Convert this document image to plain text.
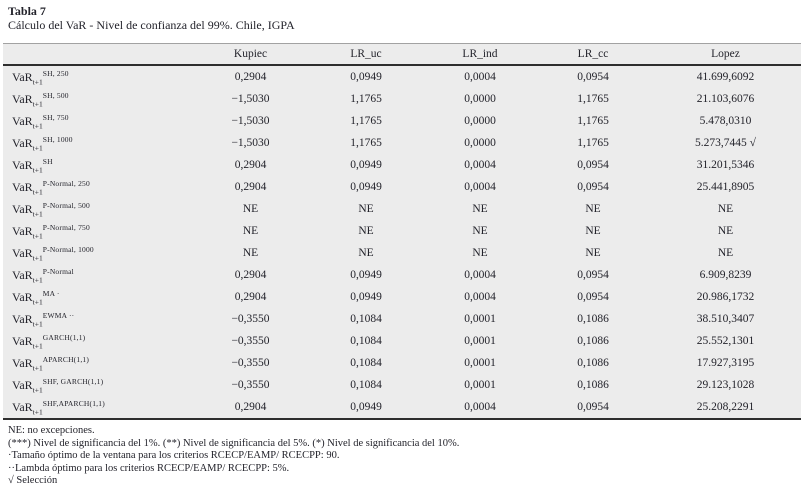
Tabla 7
Cálculo del VaR - Nivel de confianza del 99%. Chile, IGPA
	Kupiec	LR_uc	LR_ind	LR_cc	Lopez
VaR$_{t+1}^{SH, 250}$	0,2904	0,0949	0,0004	0,0954	41.699,6092
VaR$_{t+1}^{SH, 500}$	−1,5030	1,1765	0,0000	1,1765	21.103,6076
VaR$_{t+1}^{SH, 750}$	−1,5030	1,1765	0,0000	1,1765	5.478,0310
VaR$_{t+1}^{SH, 1000}$	−1,5030	1,1765	0,0000	1,1765	5.273,7445 √
VaR$_{t+1}^{SH}$	0,2904	0,0949	0,0004	0,0954	31.201,5346
VaR$_{t+1}^{P-Normal, 250}$	0,2904	0,0949	0,0004	0,0954	25.441,8905
VaR$_{t+1}^{P-Normal, 500}$	NE	NE	NE	NE	NE
VaR$_{t+1}^{P-Normal, 750}$	NE	NE	NE	NE	NE
VaR$_{t+1}^{P-Normal, 1000}$	NE	NE	NE	NE	NE
VaR$_{t+1}^{P-Normal}$	0,2904	0,0949	0,0004	0,0954	6.909,8239
VaR$_{t+1}^{MA \cdot}$	0,2904	0,0949	0,0004	0,0954	20.986,1732
VaR$_{t+1}^{EWMA \cdot\cdot}$	−0,3550	0,1084	0,0001	0,1086	38.510,3407
VaR$_{t+1}^{GARCH(1,1)}$	−0,3550	0,1084	0,0001	0,1086	25.552,1301
VaR$_{t+1}^{APARCH(1,1)}$	−0,3550	0,1084	0,0001	0,1086	17.927,3195
VaR$_{t+1}^{SHF, GARCH(1,1)}$	−0,3550	0,1084	0,0001	0,1086	29.123,1028
VaR$_{t+1}^{SHF,APARCH(1,1)}$	0,2904	0,0949	0,0004	0,0954	25.208,2291
NE: no excepciones.
(***) Nivel de significancia del 1%. (**) Nivel de significancia del 5%. (*) Nivel de significancia del 10%.
·Tamaño óptimo de la ventana para los criterios RCECP/EAMP/ RCECPP: 90.
··Lambda óptimo para los criterios RCECP/EAMP/ RCECPP: 5%.
√ Selección
